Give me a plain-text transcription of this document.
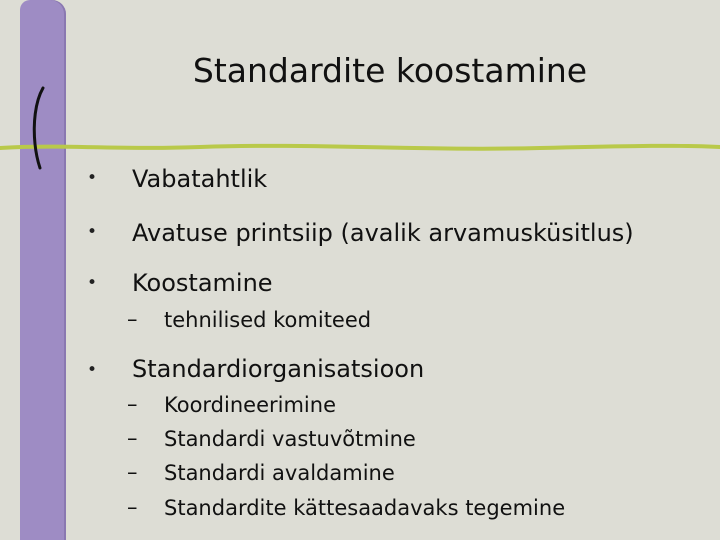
Standardite koostamine
• Vabatahtlik
• Avatuse printsiip (avalik arvamusküsitlus)
• Koostamine
– tehnilised komiteed
• Standardiorganisatsioon
– Koordineerimine
– Standardi vastuvõtmine
– Standardi avaldamine
– Standardite kättesaadavaks tegemine
